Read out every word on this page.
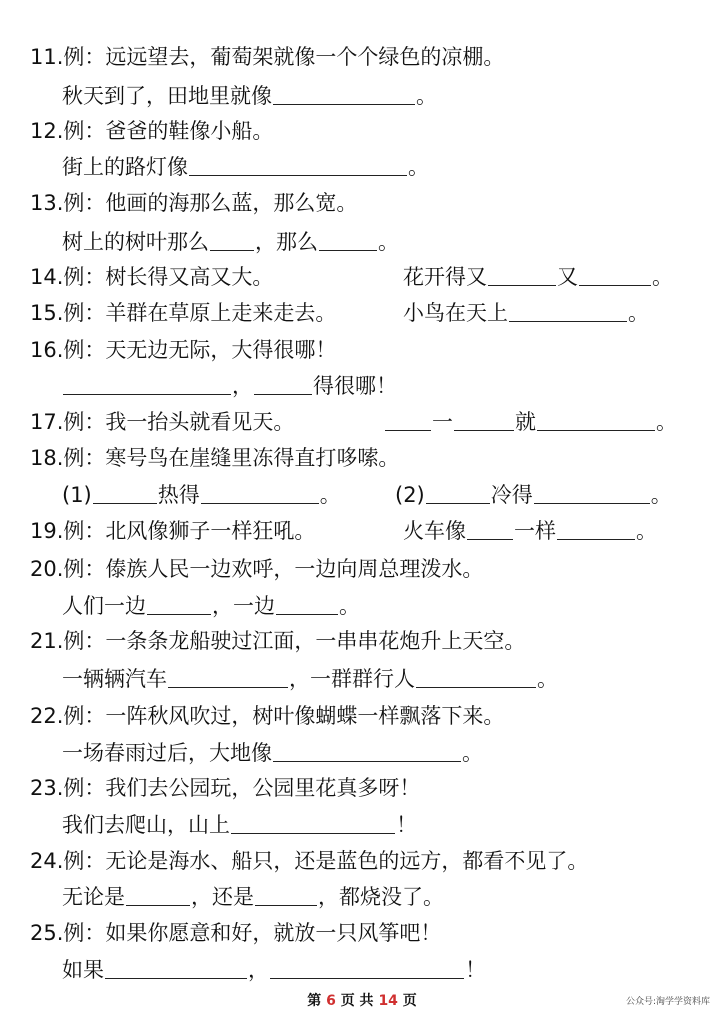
11.例：远远望去，葡萄架就像一个个绿色的凉棚。
秋天到了，田地里就像	。
12.例：爸爸的鞋像小船。
街上的路灯像	。
13.例：他画的海那么蓝，那么宽。
树上的树叶那么 ，那么	。
14.例：树长得又高又大。	花开得又	又	。
15.例：羊群在草原上走来走去。	小鸟在天上	。
16.例：天无边无际，大得很哪！
，	得很哪！
17.例：我一抬头就看见天。	一	就	。
18.例：寒号鸟在崖缝里冻得直打哆嗦。
(1)	热得	。	(2)	冷得	。
19.例：北风像狮子一样狂吼。	火车像 一样	。
20.例：傣族人民一边欢呼，一边向周总理泼水。
人们一边	，一边	。
21.例：一条条龙船驶过江面，一串串花炮升上天空。
一辆辆汽车	，一群群行人	。
22.例：一阵秋风吹过，树叶像蝴蝶一样飘落下来。
一场春雨过后，大地像	。
23.例：我们去公园玩，公园里花真多呀！
我们去爬山，山上	！
24.例：无论是海水、船只，还是蓝色的远方，都看不见了。
无论是	，还是	，都烧没了。
25.例：如果你愿意和好，就放一只风筝吧！
如果	，	！
第 6 页 共 14 页	公众号:淘学学资料库
